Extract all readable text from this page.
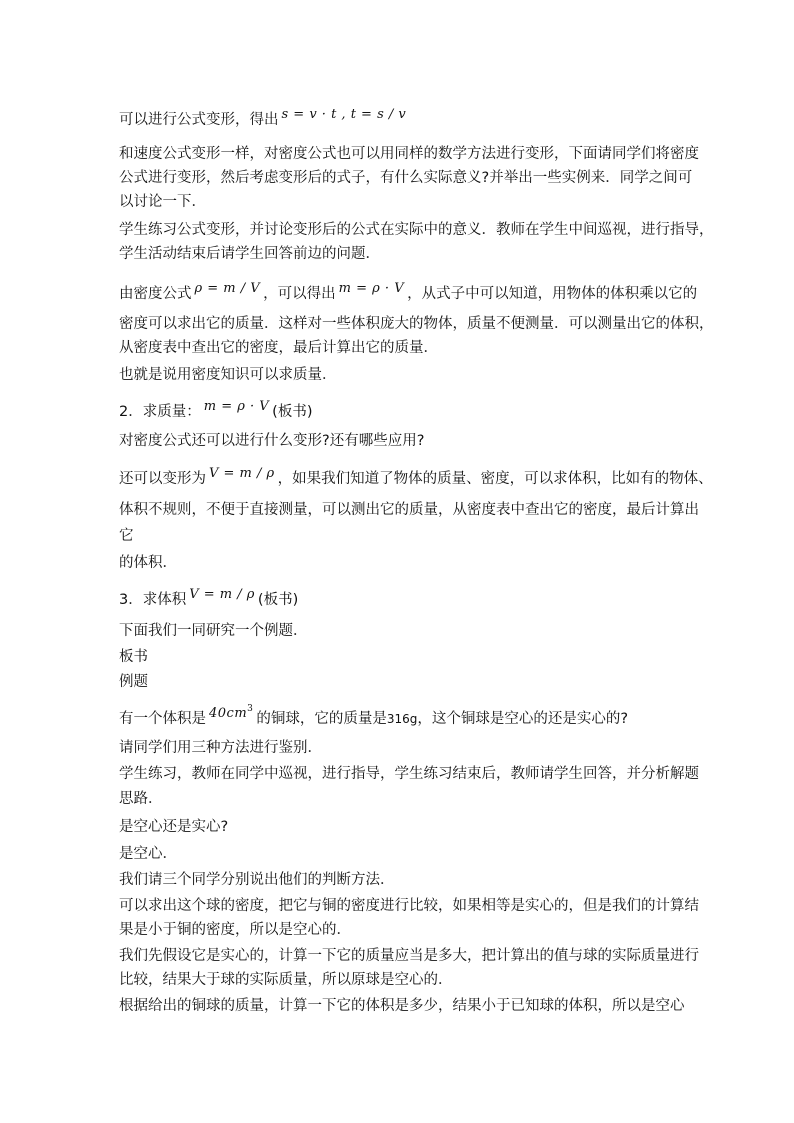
可以进行公式变形，得出 s = v · t , t = s / v
和速度公式变形一样，对密度公式也可以用同样的数学方法进行变形，下面请同学们将密度
公式进行变形，然后考虑变形后的式子，有什么实际意义?并举出一些实例来．同学之间可
以讨论一下．
学生练习公式变形，并讨论变形后的公式在实际中的意义．教师在学生中间巡视，进行指导，
学生活动结束后请学生回答前边的问题．
由密度公式 ρ = m / V ，可以得出 m = ρ · V ，从式子中可以知道，用物体的体积乘以它的
密度可以求出它的质量．这样对一些体积庞大的物体，质量不便测量．可以测量出它的体积，
从密度表中查出它的密度，最后计算出它的质量．
也就是说用密度知识可以求质量．
2．求质量： m = ρ · V (板书)
对密度公式还可以进行什么变形?还有哪些应用?
还可以变形为 V = m / ρ ，如果我们知道了物体的质量、密度，可以求体积，比如有的物体、
体积不规则，不便于直接测量，可以测出它的质量，从密度表中查出它的密度，最后计算出
它
的体积．
3．求体积 V = m / ρ (板书)
下面我们一同研究一个例题．
板书
例题
有一个体积是 $40cm^3$的铜球，它的质量是316g，这个铜球是空心的还是实心的?
请同学们用三种方法进行鉴别．
学生练习，教师在同学中巡视，进行指导，学生练习结束后，教师请学生回答，并分析解题
思路．
是空心还是实心?
是空心．
我们请三个同学分别说出他们的判断方法．
可以求出这个球的密度，把它与铜的密度进行比较，如果相等是实心的，但是我们的计算结
果是小于铜的密度，所以是空心的．
我们先假设它是实心的，计算一下它的质量应当是多大，把计算出的值与球的实际质量进行
比较，结果大于球的实际质量，所以原球是空心的．
根据给出的铜球的质量，计算一下它的体积是多少，结果小于已知球的体积，所以是空心
